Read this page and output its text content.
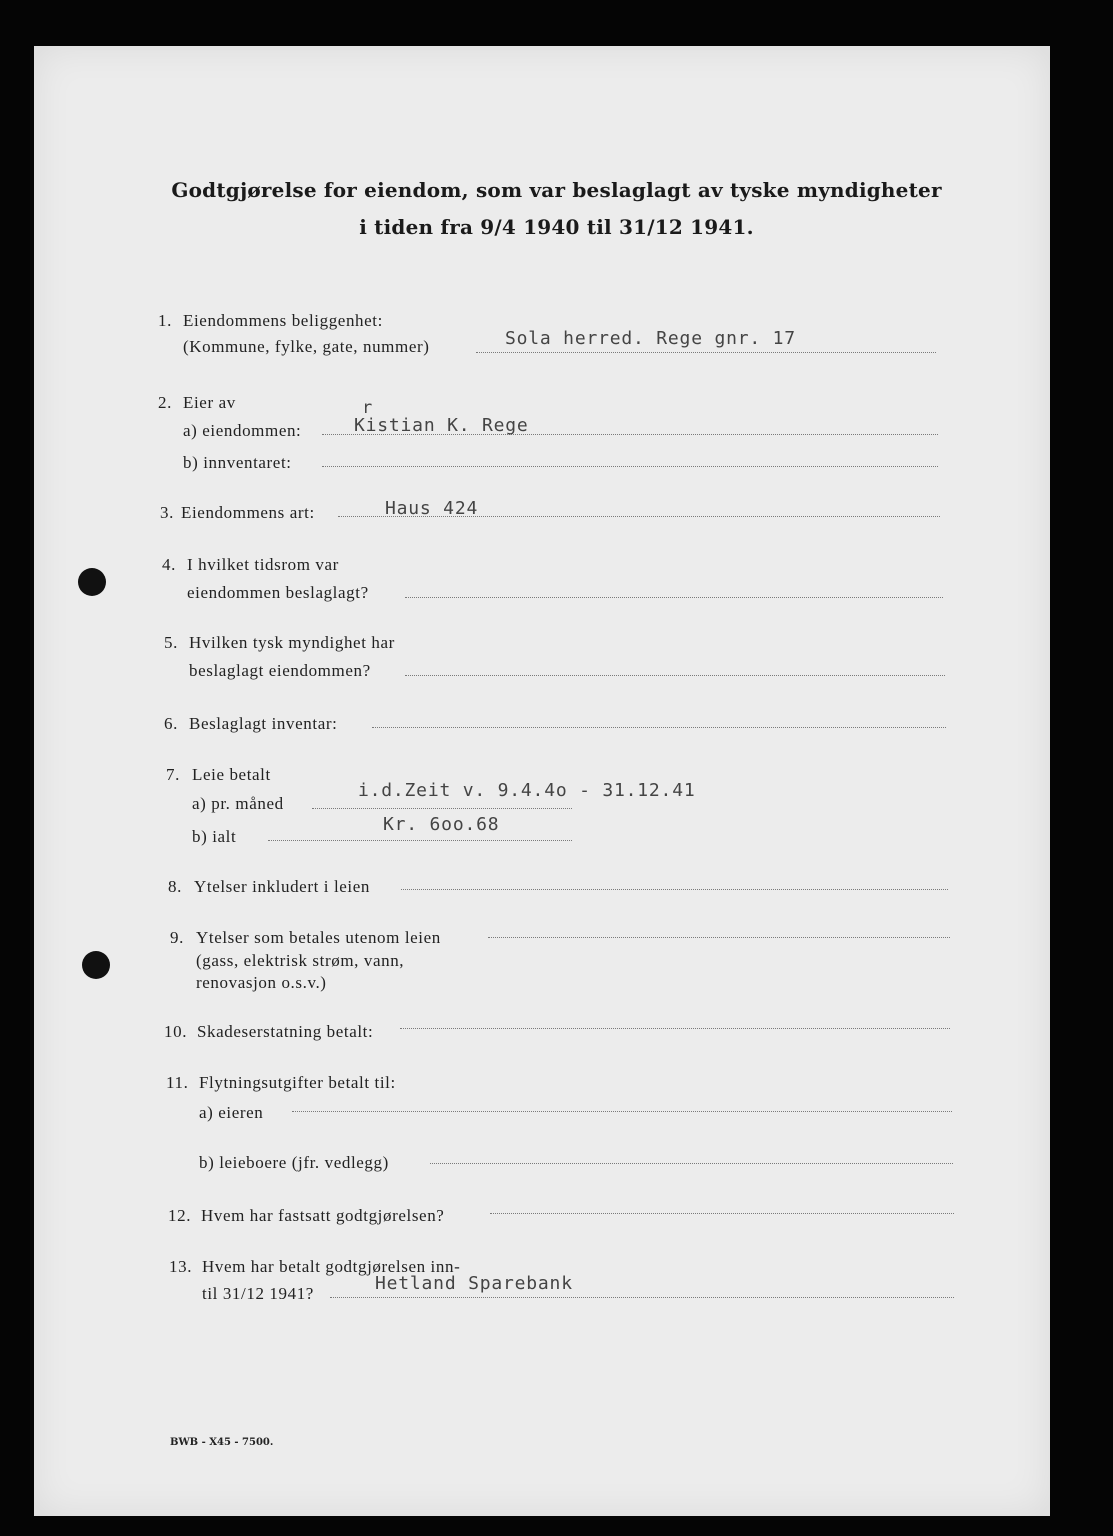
Godtgjørelse for eiendom, som var beslaglagt av tyske myndigheter
i tiden fra 9/4 1940 til 31/12 1941.
1. Eiendommens beliggenhet:
(Kommune, fylke, gate, nummer)	Sola herred. Rege gnr. 17
2. Eier av
a) eiendommen:
r
Kistian K. Rege
b) innventaret:
3. Eiendommens art:	Haus 424
4. I hvilket tidsrom var
eiendommen beslaglagt?
5. Hvilken tysk myndighet har
beslaglagt eiendommen?
6. Beslaglagt inventar:
7. Leie betalt
a) pr. måned
i.d.Zeit v. 9.4.4o - 31.12.41
b) ialt
Kr. 6oo.68
8. Ytelser inkludert i leien
9. Ytelser som betales utenom leien
(gass, elektrisk strøm, vann,
renovasjon o.s.v.)
10. Skadeserstatning betalt:
11. Flytningsutgifter betalt til:
a) eieren
b) leieboere (jfr. vedlegg)
12. Hvem har fastsatt godtgjørelsen?
13. Hvem har betalt godtgjørelsen inn-
til 31/12 1941?	Hetland Sparebank
BWB - X45 - 7500.
